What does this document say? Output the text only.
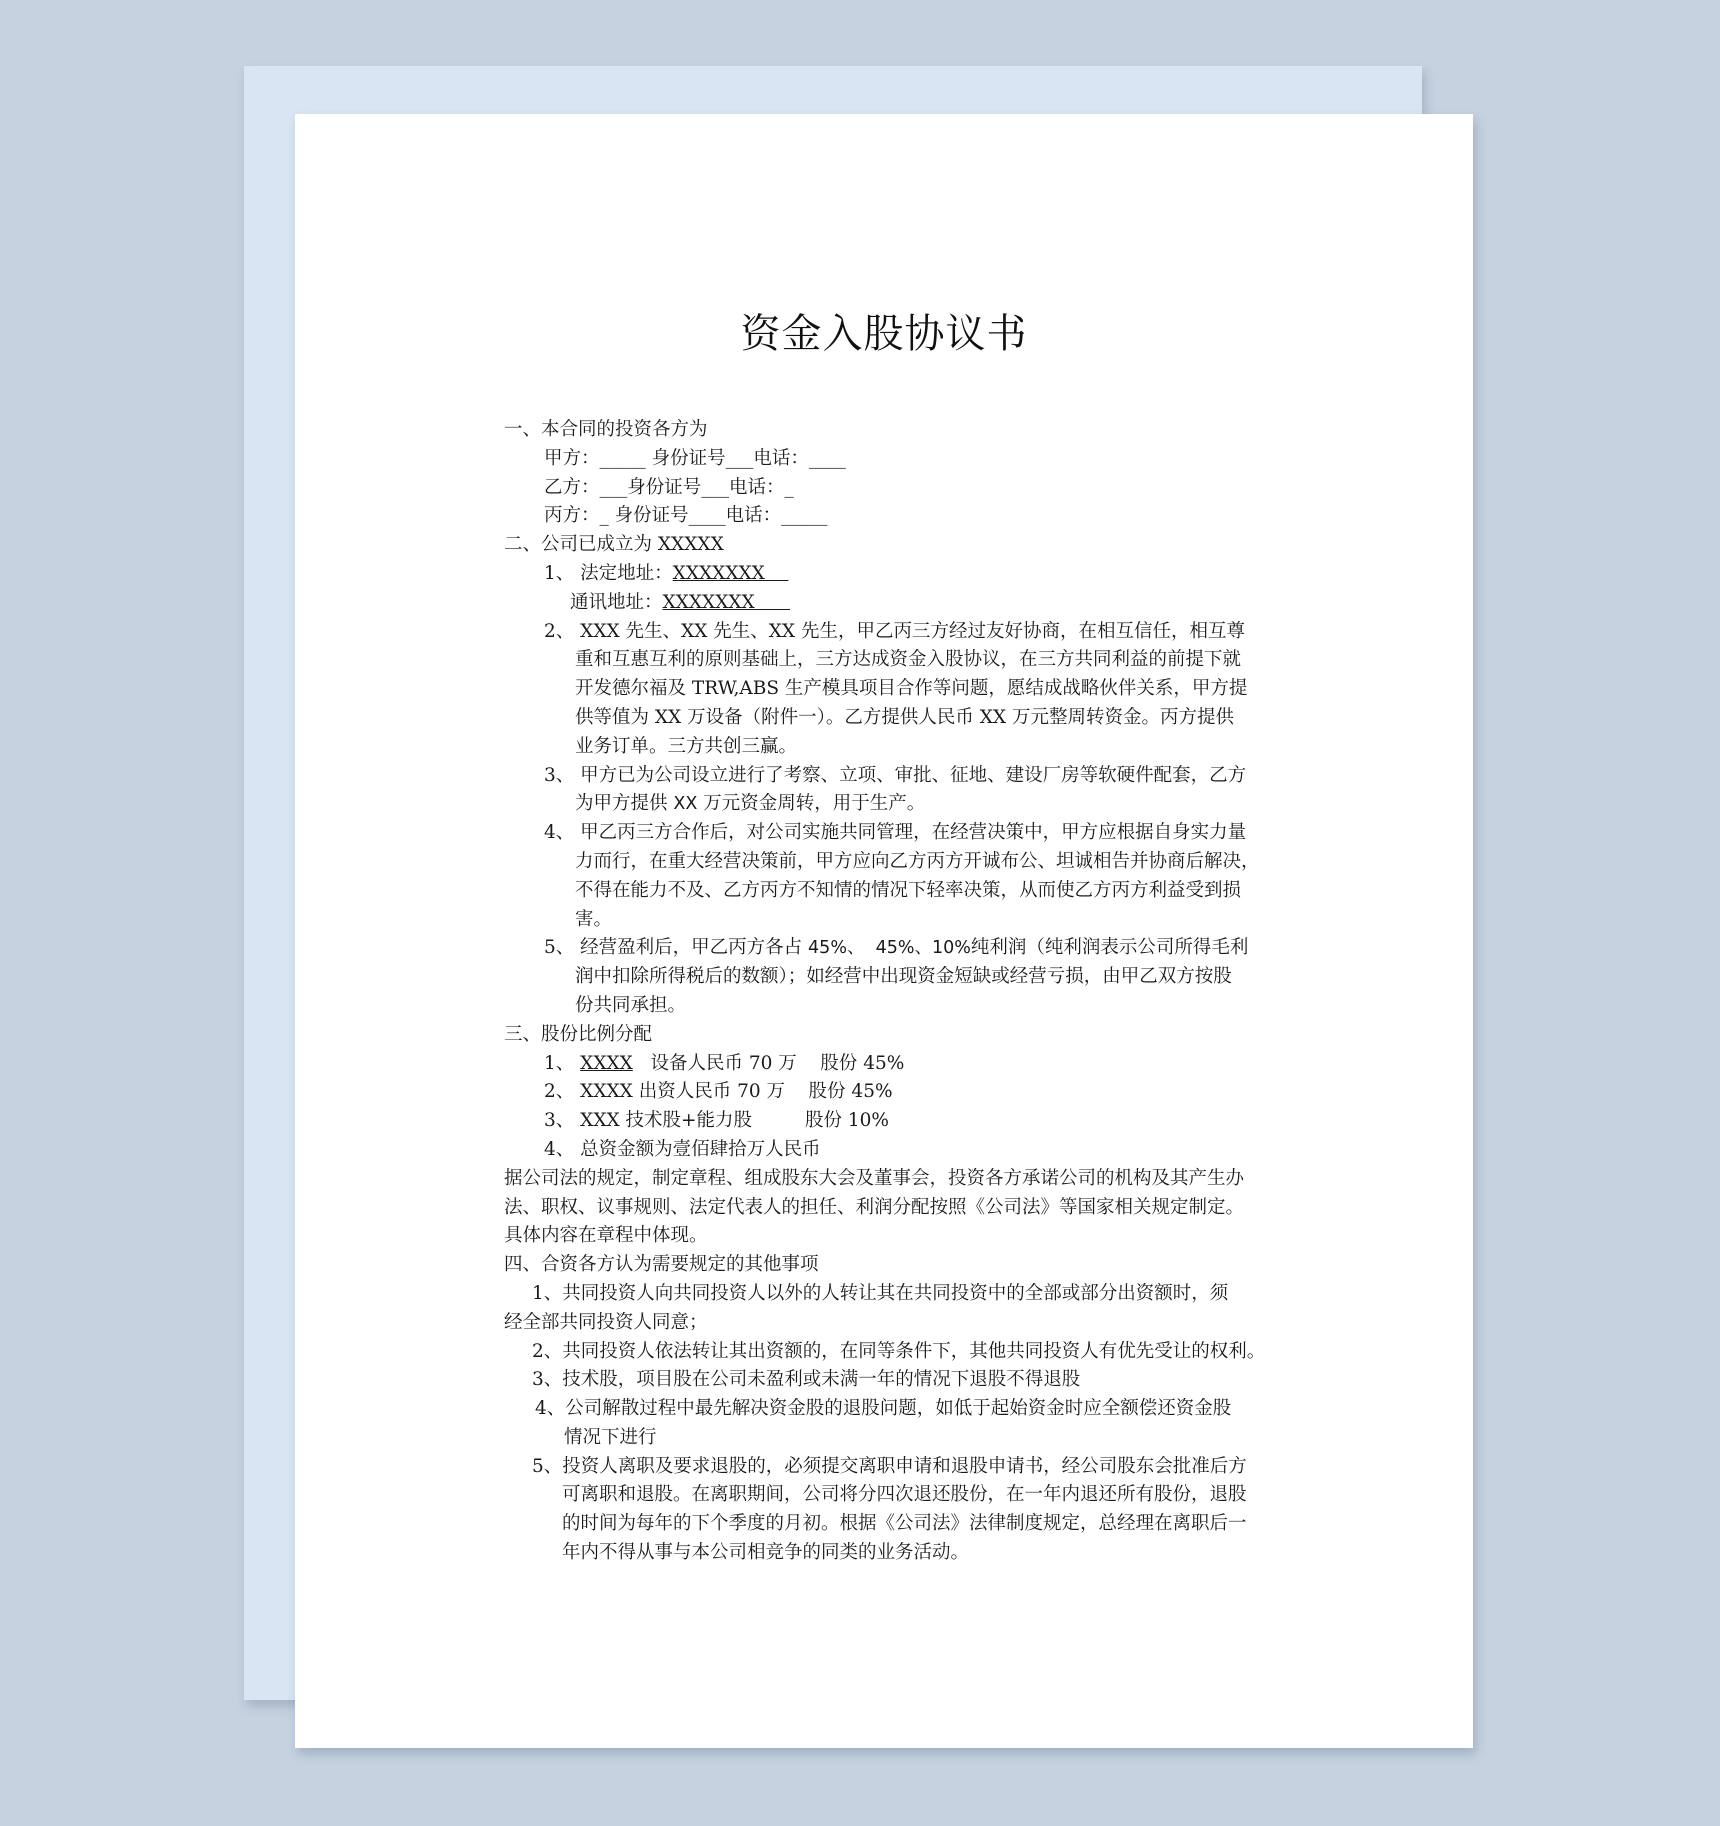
资金入股协议书
一、本合同的投资各方为
甲方：_____ 身份证号___电话：____
乙方：___身份证号___电话：_
丙方：_ 身份证号____电话：_____
二、公司已成立为 XXXXX
1、 法定地址：XXXXXXX
通讯地址：XXXXXXX
2、 XXX 先生、XX 先生、XX 先生，甲乙丙三方经过友好协商，在相互信任，相互尊
重和互惠互利的原则基础上，三方达成资金入股协议，在三方共同利益的前提下就
开发德尔福及 TRW,ABS 生产模具项目合作等问题，愿结成战略伙伴关系，甲方提
供等值为 XX 万设备（附件一）。乙方提供人民币 XX 万元整周转资金。丙方提供
业务订单。三方共创三赢。
3、 甲方已为公司设立进行了考察、立项、审批、征地、建设厂房等软硬件配套，乙方
为甲方提供 XX 万元资金周转，用于生产。
4、 甲乙丙三方合作后，对公司实施共同管理，在经营决策中，甲方应根据自身实力量
力而行，在重大经营决策前，甲方应向乙方丙方开诚布公、坦诚相告并协商后解决，
不得在能力不及、乙方丙方不知情的情况下轻率决策，从而使乙方丙方利益受到损
害。
5、 经营盈利后，甲乙丙方各占 45%、  45%、10%纯利润（纯利润表示公司所得毛利
润中扣除所得税后的数额）；如经营中出现资金短缺或经营亏损，由甲乙双方按股
份共同承担。
三、股份比例分配
1、 XXXX   设备人民币 70 万    股份 45%
2、 XXXX 出资人民币 70 万    股份 45%
3、 XXX 技术股+能力股         股份 10%
4、 总资金额为壹佰肆拾万人民币
据公司法的规定，制定章程、组成股东大会及董事会，投资各方承诺公司的机构及其产生办
法、职权、议事规则、法定代表人的担任、利润分配按照《公司法》等国家相关规定制定。
具体内容在章程中体现。
四、合资各方认为需要规定的其他事项
1、共同投资人向共同投资人以外的人转让其在共同投资中的全部或部分出资额时，须
经全部共同投资人同意；
2、共同投资人依法转让其出资额的，在同等条件下，其他共同投资人有优先受让的权利。
3、技术股，项目股在公司未盈利或未满一年的情况下退股不得退股
4、公司解散过程中最先解决资金股的退股问题，如低于起始资金时应全额偿还资金股
情况下进行
5、投资人离职及要求退股的，必须提交离职申请和退股申请书，经公司股东会批准后方
可离职和退股。在离职期间，公司将分四次退还股份，在一年内退还所有股份，退股
的时间为每年的下个季度的月初。根据《公司法》法律制度规定，总经理在离职后一
年内不得从事与本公司相竞争的同类的业务活动。
